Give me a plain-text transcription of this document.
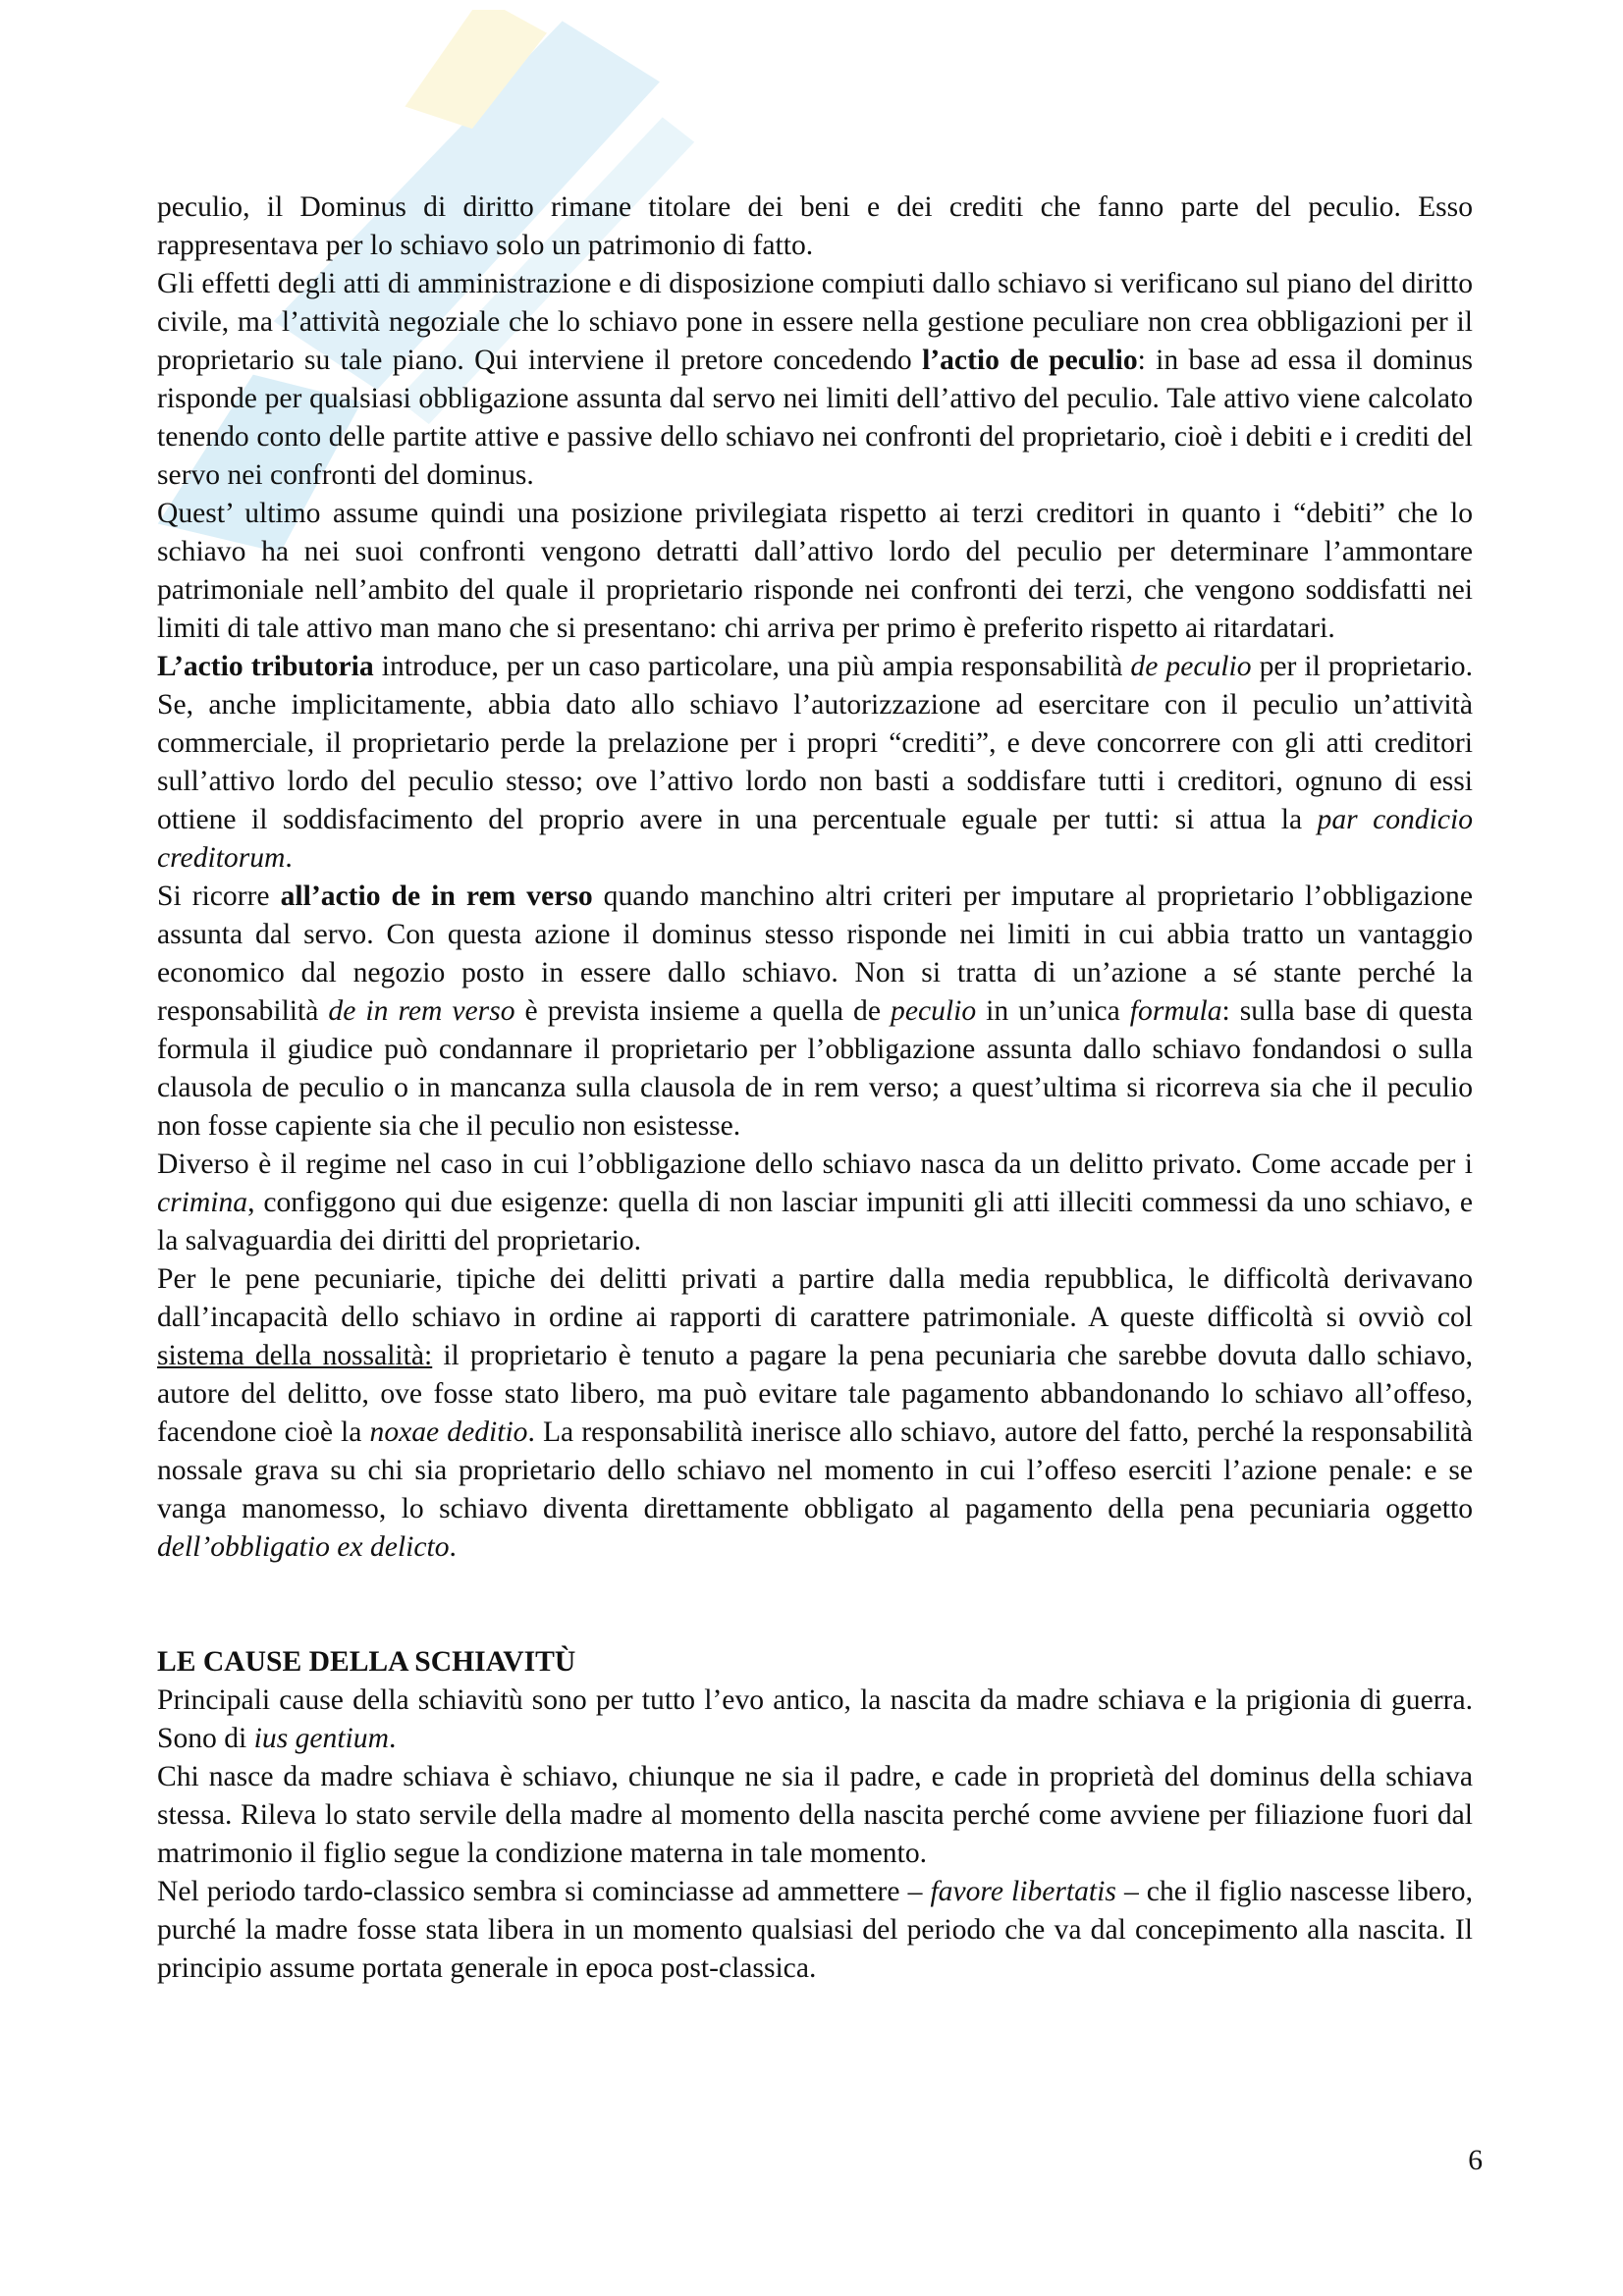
peculio, il Dominus di diritto rimane titolare dei beni e dei crediti che fanno parte del peculio. Esso rappresentava per lo schiavo solo un patrimonio di fatto.

Gli effetti degli atti di amministrazione e di disposizione compiuti dallo schiavo si verificano sul piano del diritto civile, ma l’attività negoziale che lo schiavo pone in essere nella gestione peculiare non crea obbligazioni per il proprietario su tale piano. Qui interviene il pretore concedendo l’actio de peculio: in base ad essa il dominus risponde per qualsiasi obbligazione assunta dal servo nei limiti dell’attivo del peculio. Tale attivo viene calcolato tenendo conto delle partite attive e passive dello schiavo nei confronti del proprietario, cioè i debiti e i crediti del servo nei confronti del dominus.

Quest’ ultimo assume quindi una posizione privilegiata rispetto ai terzi creditori in quanto i “debiti” che lo schiavo ha nei suoi confronti vengono detratti dall’attivo lordo del peculio per determinare l’ammontare patrimoniale nell’ambito del quale il proprietario risponde nei confronti dei terzi, che vengono soddisfatti nei limiti di tale attivo man mano che si presentano: chi arriva per primo è preferito rispetto ai ritardatari.

L’actio tributoria introduce, per un caso particolare, una più ampia responsabilità de peculio per il proprietario. Se, anche implicitamente, abbia dato allo schiavo l’autorizzazione ad esercitare con il peculio un’attività commerciale, il proprietario perde la prelazione per i propri “crediti”, e deve concorrere con gli atti creditori sull’attivo lordo del peculio stesso; ove l’attivo lordo non basti a soddisfare tutti i creditori, ognuno di essi ottiene il soddisfacimento del proprio avere in una percentuale eguale per tutti: si attua la par condicio creditorum.

Si ricorre all’actio de in rem verso quando manchino altri criteri per imputare al proprietario l’obbligazione assunta dal servo. Con questa azione il dominus stesso risponde nei limiti in cui abbia tratto un vantaggio economico dal negozio posto in essere dallo schiavo. Non si tratta di un’azione a sé stante perché la responsabilità de in rem verso è prevista insieme a quella de peculio in un’unica formula: sulla base di questa formula il giudice può condannare il proprietario per l’obbligazione assunta dallo schiavo fondandosi o sulla clausola de peculio o in mancanza sulla clausola de in rem verso; a quest’ultima si ricorreva sia che il peculio non fosse capiente sia che il peculio non esistesse.

Diverso è il regime nel caso in cui l’obbligazione dello schiavo nasca da un delitto privato. Come accade per i crimina, configgono qui due esigenze: quella di non lasciar impuniti gli atti illeciti commessi da uno schiavo, e la salvaguardia dei diritti del proprietario.

Per le pene pecuniarie, tipiche dei delitti privati a partire dalla media repubblica, le difficoltà derivavano dall’incapacità dello schiavo in ordine ai rapporti di carattere patrimoniale. A queste difficoltà si ovviò col sistema della nossalità: il proprietario è tenuto a pagare la pena pecuniaria che sarebbe dovuta dallo schiavo, autore del delitto, ove fosse stato libero, ma può evitare tale pagamento abbandonando lo schiavo all’offeso, facendone cioè la noxae deditio. La responsabilità inerisce allo schiavo, autore del fatto, perché la responsabilità nossale grava su chi sia proprietario dello schiavo nel momento in cui l’offeso eserciti l’azione penale: e se vanga manomesso, lo schiavo diventa direttamente obbligato al pagamento della pena pecuniaria oggetto dell’obbligatio ex delicto.

LE CAUSE DELLA SCHIAVITÙ

Principali cause della schiavitù sono per tutto l’evo antico, la nascita da madre schiava e la prigionia di guerra. Sono di ius gentium.

Chi nasce da madre schiava è schiavo, chiunque ne sia il padre, e cade in proprietà del dominus della schiava stessa. Rileva lo stato servile della madre al momento della nascita perché come avviene per filiazione fuori dal matrimonio il figlio segue la condizione materna in tale momento.

Nel periodo tardo-classico sembra si cominciasse ad ammettere – favore libertatis – che il figlio nascesse libero, purché la madre fosse stata libera in un momento qualsiasi del periodo che va dal concepimento alla nascita. Il principio assume portata generale in epoca post-classica.

6
